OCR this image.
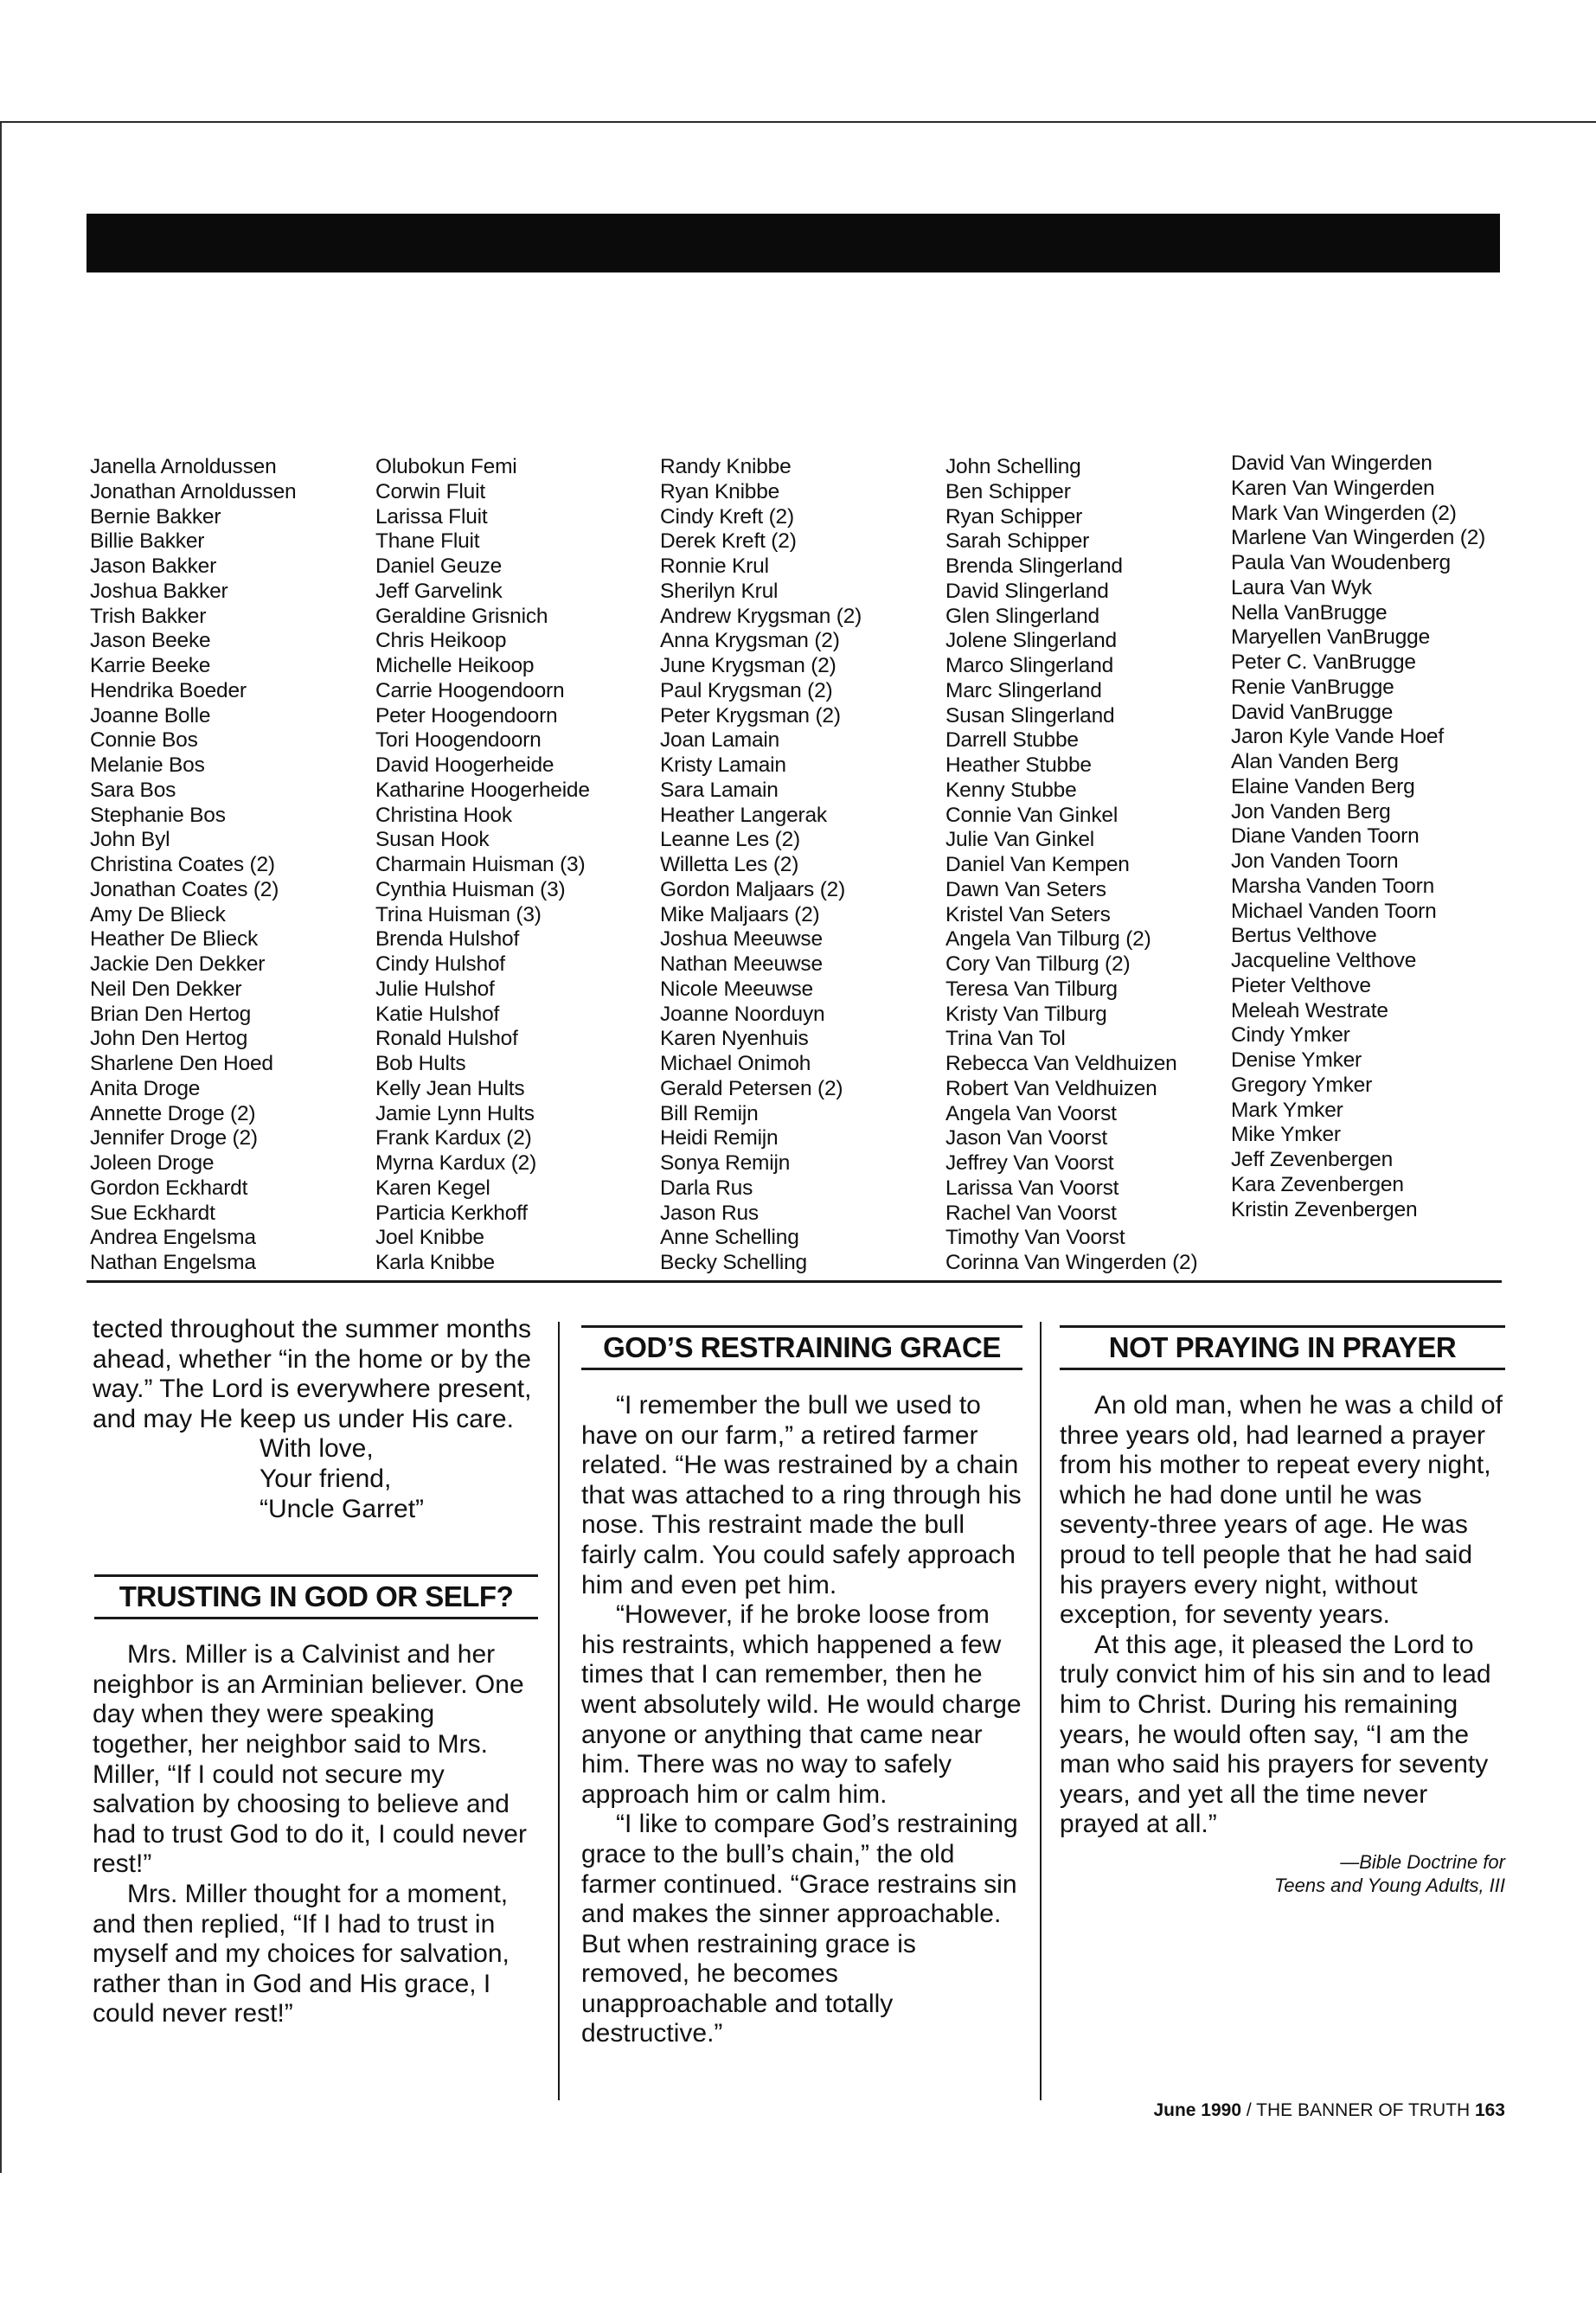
Janella Arnoldussen
Jonathan Arnoldussen
Bernie Bakker
Billie Bakker
Jason Bakker
Joshua Bakker
Trish Bakker
Jason Beeke
Karrie Beeke
Hendrika Boeder
Joanne Bolle
Connie Bos
Melanie Bos
Sara Bos
Stephanie Bos
John Byl
Christina Coates (2)
Jonathan Coates (2)
Amy De Blieck
Heather De Blieck
Jackie Den Dekker
Neil Den Dekker
Brian Den Hertog
John Den Hertog
Sharlene Den Hoed
Anita Droge
Annette Droge (2)
Jennifer Droge (2)
Joleen Droge
Gordon Eckhardt
Sue Eckhardt
Andrea Engelsma
Nathan Engelsma
Olubokun Femi
Corwin Fluit
Larissa Fluit
Thane Fluit
Daniel Geuze
Jeff Garvelink
Geraldine Grisnich
Chris Heikoop
Michelle Heikoop
Carrie Hoogendoorn
Peter Hoogendoorn
Tori Hoogendoorn
David Hoogerheide
Katharine Hoogerheide
Christina Hook
Susan Hook
Charmain Huisman (3)
Cynthia Huisman (3)
Trina Huisman (3)
Brenda Hulshof
Cindy Hulshof
Julie Hulshof
Katie Hulshof
Ronald Hulshof
Bob Hults
Kelly Jean Hults
Jamie Lynn Hults
Frank Kardux (2)
Myrna Kardux (2)
Karen Kegel
Particia Kerkhoff
Joel Knibbe
Karla Knibbe
Randy Knibbe
Ryan Knibbe
Cindy Kreft (2)
Derek Kreft (2)
Ronnie Krul
Sherilyn Krul
Andrew Krygsman (2)
Anna Krygsman (2)
June Krygsman (2)
Paul Krygsman (2)
Peter Krygsman (2)
Joan Lamain
Kristy Lamain
Sara Lamain
Heather Langerak
Leanne Les (2)
Willetta Les (2)
Gordon Maljaars (2)
Mike Maljaars (2)
Joshua Meeuwse
Nathan Meeuwse
Nicole Meeuwse
Joanne Noorduyn
Karen Nyenhuis
Michael Onimoh
Gerald Petersen (2)
Bill Remijn
Heidi Remijn
Sonya Remijn
Darla Rus
Jason Rus
Anne Schelling
Becky Schelling
John Schelling
Ben Schipper
Ryan Schipper
Sarah Schipper
Brenda Slingerland
David Slingerland
Glen Slingerland
Jolene Slingerland
Marco Slingerland
Marc Slingerland
Susan Slingerland
Darrell Stubbe
Heather Stubbe
Kenny Stubbe
Connie Van Ginkel
Julie Van Ginkel
Daniel Van Kempen
Dawn Van Seters
Kristel Van Seters
Angela Van Tilburg (2)
Cory Van Tilburg (2)
Teresa Van Tilburg
Kristy Van Tilburg
Trina Van Tol
Rebecca Van Veldhuizen
Robert Van Veldhuizen
Angela Van Voorst
Jason Van Voorst
Jeffrey Van Voorst
Larissa Van Voorst
Rachel Van Voorst
Timothy Van Voorst
Corinna Van Wingerden (2)
David Van Wingerden
Karen Van Wingerden
Mark Van Wingerden (2)
Marlene Van Wingerden (2)
Paula Van Woudenberg
Laura Van Wyk
Nella VanBrugge
Maryellen VanBrugge
Peter C. VanBrugge
Renie VanBrugge
David VanBrugge
Jaron Kyle Vande Hoef
Alan Vanden Berg
Elaine Vanden Berg
Jon Vanden Berg
Diane Vanden Toorn
Jon Vanden Toorn
Marsha Vanden Toorn
Michael Vanden Toorn
Bertus Velthove
Jacqueline Velthove
Pieter Velthove
Meleah Westrate
Cindy Ymker
Denise Ymker
Gregory Ymker
Mark Ymker
Mike Ymker
Jeff Zevenbergen
Kara Zevenbergen
Kristin Zevenbergen
tected throughout the summer months ahead, whether “in the home or by the way.” The Lord is everywhere present, and may He keep us under His care.
With love,
Your friend,
“Uncle Garret”
TRUSTING IN GOD OR SELF?

Mrs. Miller is a Calvinist and her neighbor is an Arminian believer. One day when they were speaking together, her neighbor said to Mrs. Miller, “If I could not secure my salvation by choosing to believe and had to trust God to do it, I could never rest!”

Mrs. Miller thought for a moment, and then replied, “If I had to trust in myself and my choices for salvation, rather than in God and His grace, I could never rest!”

GOD’S RESTRAINING GRACE

“I remember the bull we used to have on our farm,” a retired farmer related. “He was restrained by a chain that was attached to a ring through his nose. This restraint made the bull fairly calm. You could safely approach him and even pet him.

“However, if he broke loose from his restraints, which happened a few times that I can remember, then he went absolutely wild. He would charge anyone or anything that came near him. There was no way to safely approach him or calm him.

“I like to compare God’s restraining grace to the bull’s chain,” the old farmer continued. “Grace restrains sin and makes the sinner approachable. But when restraining grace is removed, he becomes unapproachable and totally destructive.”

NOT PRAYING IN PRAYER

An old man, when he was a child of three years old, had learned a prayer from his mother to repeat every night, which he had done until he was seventy-three years of age. He was proud to tell people that he had said his prayers every night, without exception, for seventy years.

At this age, it pleased the Lord to truly convict him of his sin and to lead him to Christ. During his remaining years, he would often say, “I am the man who said his prayers for seventy years, and yet all the time never prayed at all.”

—Bible Doctrine for
Teens and Young Adults, III
June 1990 / THE BANNER OF TRUTH 163
